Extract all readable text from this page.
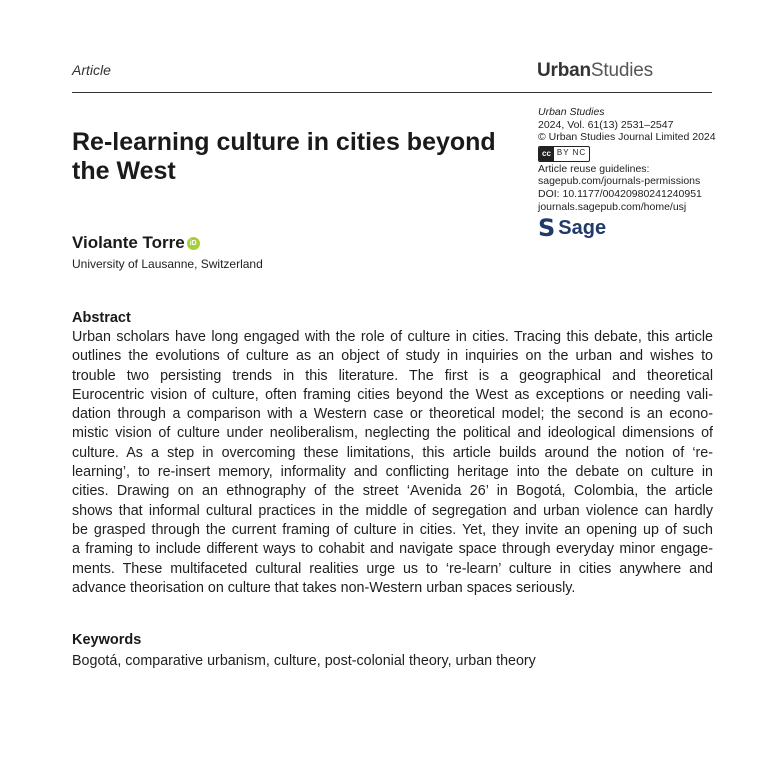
Article	UrbanStudies
Re-learning culture in cities beyond the West
Urban Studies
2024, Vol. 61(13) 2531–2547
© Urban Studies Journal Limited 2024
cc BY NC
Article reuse guidelines:
sagepub.com/journals-permissions
DOI: 10.1177/00420980241240951
journals.sagepub.com/home/usj
S Sage
Violante Torre iD
University of Lausanne, Switzerland
Abstract
Urban scholars have long engaged with the role of culture in cities. Tracing this debate, this article
outlines the evolutions of culture as an object of study in inquiries on the urban and wishes to
trouble two persisting trends in this literature. The first is a geographical and theoretical
Eurocentric vision of culture, often framing cities beyond the West as exceptions or needing vali-
dation through a comparison with a Western case or theoretical model; the second is an econo-
mistic vision of culture under neoliberalism, neglecting the political and ideological dimensions of
culture. As a step in overcoming these limitations, this article builds around the notion of ‘re-
learning’, to re-insert memory, informality and conflicting heritage into the debate on culture in
cities. Drawing on an ethnography of the street ‘Avenida 26’ in Bogotá, Colombia, the article
shows that informal cultural practices in the middle of segregation and urban violence can hardly
be grasped through the current framing of culture in cities. Yet, they invite an opening up of such
a framing to include different ways to cohabit and navigate space through everyday minor engage-
ments. These multifaceted cultural realities urge us to ‘re-learn’ culture in cities anywhere and
advance theorisation on culture that takes non-Western urban spaces seriously.
Keywords
Bogotá, comparative urbanism, culture, post-colonial theory, urban theory
